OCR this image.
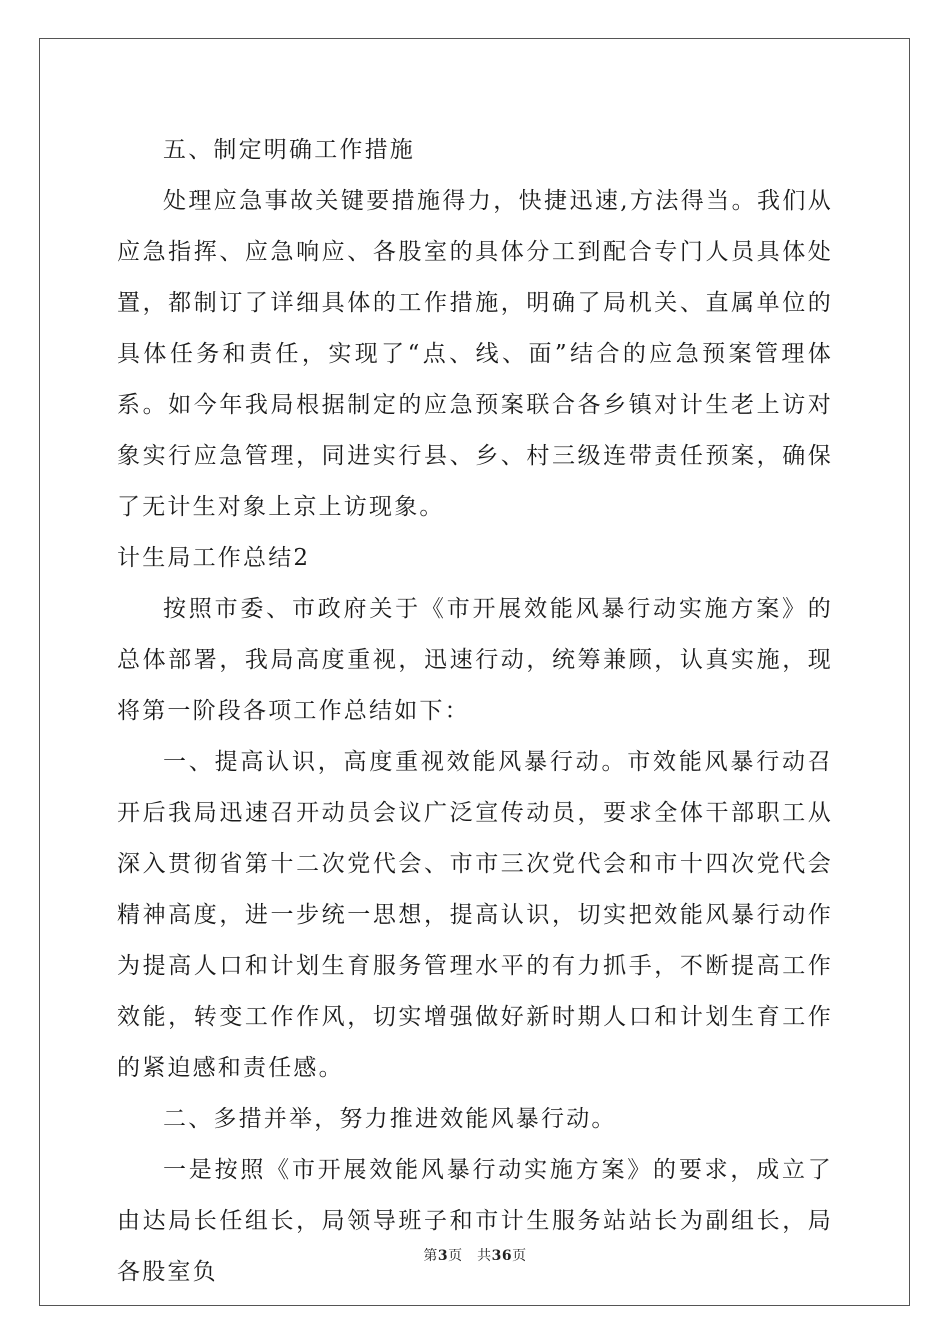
五、制定明确工作措施

处理应急事故关键要措施得力，快捷迅速,方法得当。我们从应急指挥、应急响应、各股室的具体分工到配合专门人员具体处置，都制订了详细具体的工作措施，明确了局机关、直属单位的具体任务和责任，实现了“点、线、面”结合的应急预案管理体系。如今年我局根据制定的应急预案联合各乡镇对计生老上访对象实行应急管理，同进实行县、乡、村三级连带责任预案，确保了无计生对象上京上访现象。

计生局工作总结2

按照市委、市政府关于《市开展效能风暴行动实施方案》的总体部署，我局高度重视，迅速行动，统筹兼顾，认真实施，现将第一阶段各项工作总结如下：

一、提高认识，高度重视效能风暴行动。市效能风暴行动召开后我局迅速召开动员会议广泛宣传动员，要求全体干部职工从深入贯彻省第十二次党代会、市市三次党代会和市十四次党代会精神高度，进一步统一思想，提高认识，切实把效能风暴行动作为提高人口和计划生育服务管理水平的有力抓手，不断提高工作效能，转变工作作风，切实增强做好新时期人口和计划生育工作的紧迫感和责任感。

二、多措并举，努力推进效能风暴行动。

一是按照《市开展效能风暴行动实施方案》的要求，成立了由达局长任组长，局领导班子和市计生服务站站长为副组长，局各股室负

第3页　共36页
